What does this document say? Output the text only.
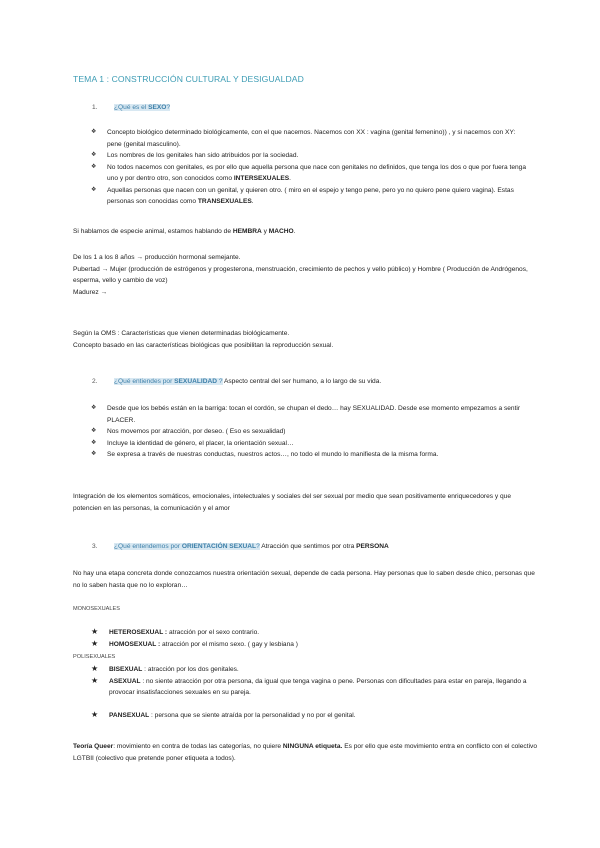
TEMA 1 : CONSTRUCCIÓN CULTURAL Y DESIGUALDAD
1.	¿Qué es el SEXO?
❖ Concepto biológico determinado biológicamente, con el que nacemos. Nacemos con XX : vagina (genital femenino)) , y si nacemos con XY: pene (genital masculino).
❖ Los nombres de los genitales han sido atribuidos por la sociedad.
❖ No todos nacemos con genitales, es por ello que aquella persona que nace con genitales no definidos, que tenga los dos o que por fuera tenga uno y por dentro otro, son conocidos como INTERSEXUALES.
❖ Aquellas personas que nacen con un genital, y quieren otro. ( miro en el espejo y tengo pene, pero yo no quiero pene quiero vagina). Estas personas son conocidas como TRANSEXUALES.
Si hablamos de especie animal, estamos hablando de HEMBRA y MACHO.
De los 1 a los 8 años → producción hormonal semejante.
Pubertad → Mujer (producción de estrógenos y progesterona, menstruación, crecimiento de pechos y vello público) y Hombre ( Producción de Andrógenos, esperma, vello y cambio de voz)
Madurez →
Según la OMS : Características que vienen determinadas biológicamente.
Concepto basado en las características biológicas que posibilitan la reproducción sexual.
2.	¿Qué entiendes por SEXUALIDAD ? Aspecto central del ser humano, a lo largo de su vida.
❖ Desde que los bebés están en la barriga: tocan el cordón, se chupan el dedo… hay SEXUALIDAD. Desde ese momento empezamos a sentir PLACER.
❖ Nos movemos por atracción, por deseo. ( Eso es sexualidad)
❖ Incluye la identidad de género, el placer, la orientación sexual…
❖ Se expresa a través de nuestras conductas, nuestros actos…, no todo el mundo lo manifiesta de la misma forma.
Integración de los elementos somáticos, emocionales, intelectuales y sociales del ser sexual por medio que sean positivamente enriquecedores y que potencien en las personas, la comunicación y el amor
3.	¿Qué entendemos por ORIENTACIÓN SEXUAL? Atracción que sentimos por otra PERSONA
No hay una etapa concreta donde conozcamos nuestra orientación sexual, depende de cada persona. Hay personas que lo saben desde chico, personas que no lo saben hasta que no lo exploran…
MONOSEXUALES
★ HETEROSEXUAL : atracción por el sexo contrario.
★ HOMOSEXUAL : atracción por el mismo sexo. ( gay y lesbiana )
POLISEXUALES
★ BISEXUAL : atracción por los dos genitales.
★ ASEXUAL : no siente atracción por otra persona, da igual que tenga vagina o pene. Personas con dificultades para estar en pareja, llegando a provocar insatisfacciones sexuales en su pareja.
★ PANSEXUAL : persona que se siente atraída por la personalidad y no por el genital.
Teoría Queer: movimiento en contra de todas las categorías, no quiere NINGUNA etiqueta. Es por ello que este movimiento entra en conflicto con el colectivo LGTBII (colectivo que pretende poner etiqueta a todos).
